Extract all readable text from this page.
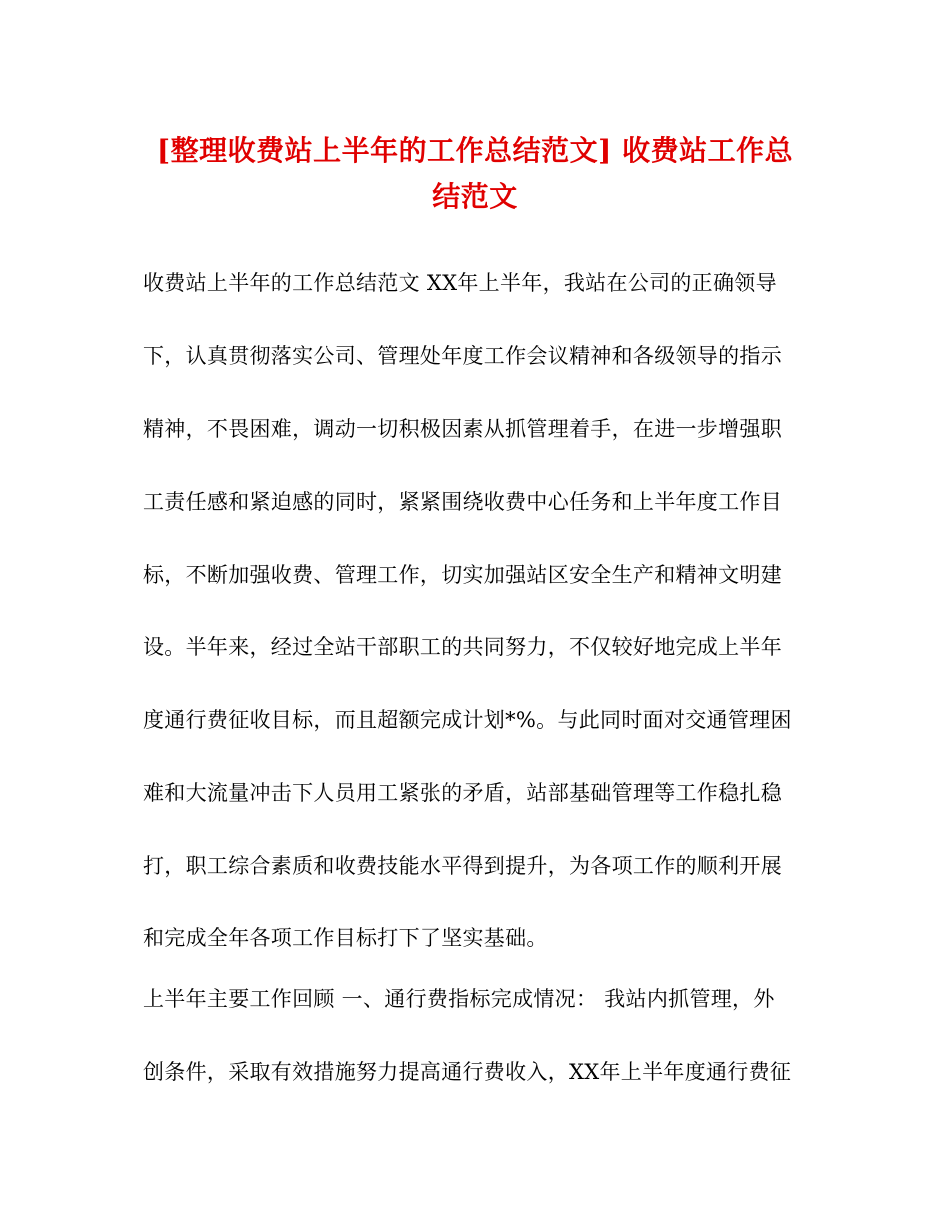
[整理收费站上半年的工作总结范文] 收费站工作总
结范文
收费站上半年的工作总结范文 XX年上半年，我站在公司的正确领导
下，认真贯彻落实公司、管理处年度工作会议精神和各级领导的指示
精神，不畏困难，调动一切积极因素从抓管理着手，在进一步增强职
工责任感和紧迫感的同时，紧紧围绕收费中心任务和上半年度工作目
标，不断加强收费、管理工作，切实加强站区安全生产和精神文明建
设。半年来，经过全站干部职工的共同努力，不仅较好地完成上半年
度通行费征收目标，而且超额完成计划*%。与此同时面对交通管理困
难和大流量冲击下人员用工紧张的矛盾，站部基础管理等工作稳扎稳
打，职工综合素质和收费技能水平得到提升，为各项工作的顺利开展
和完成全年各项工作目标打下了坚实基础。
上半年主要工作回顾 一、通行费指标完成情况： 我站内抓管理，外
创条件，采取有效措施努力提高通行费收入，XX年上半年度通行费征
